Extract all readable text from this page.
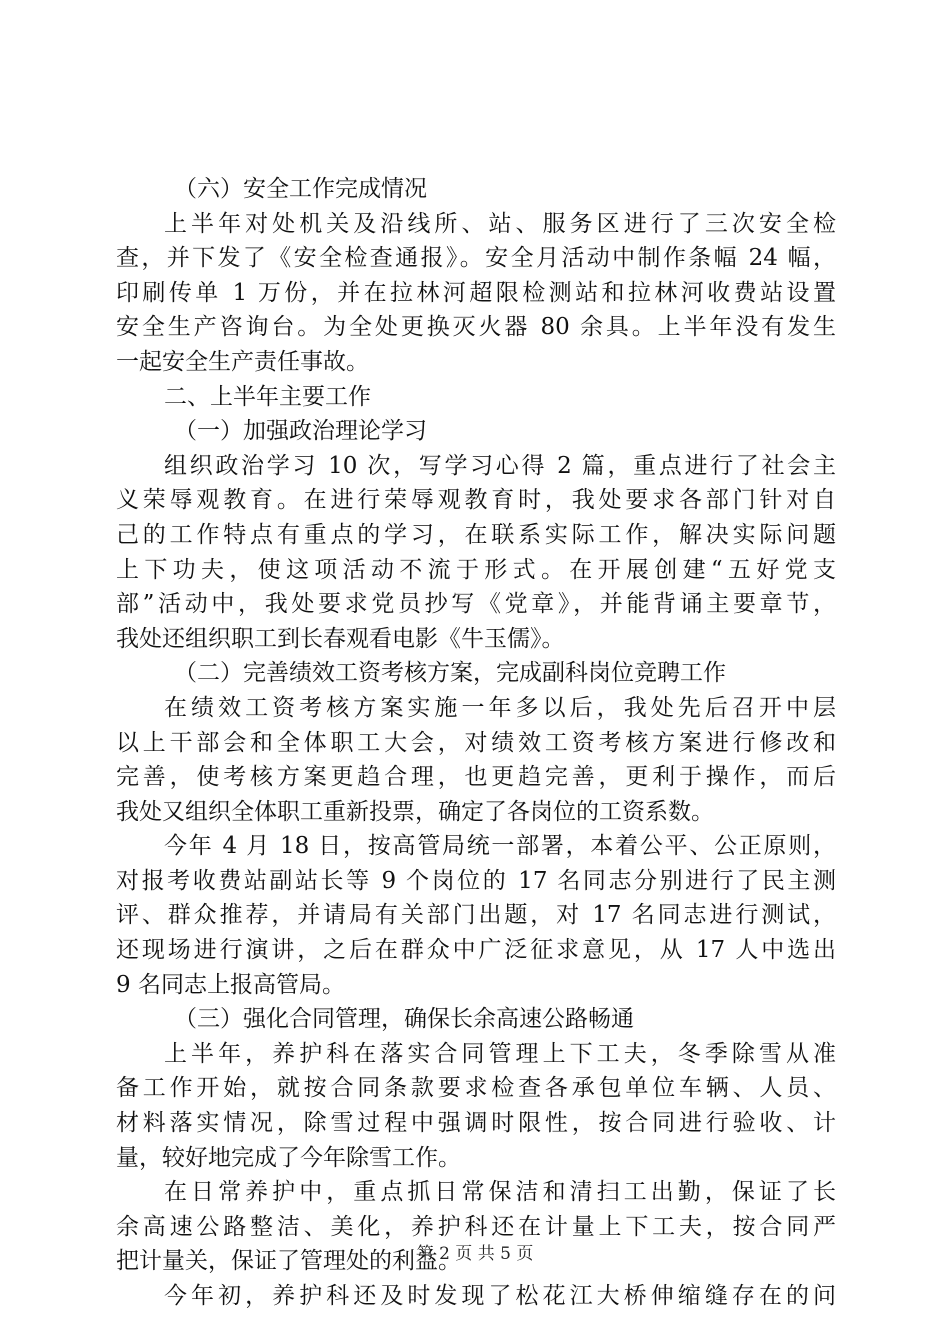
（六）安全工作完成情况
上半年对处机关及沿线所、站、服务区进行了三次安全检
查，并下发了《安全检查通报》。安全月活动中制作条幅 24 幅，
印刷传单 1 万份，并在拉林河超限检测站和拉林河收费站设置
安全生产咨询台。为全处更换灭火器 80 余具。上半年没有发生
一起安全生产责任事故。
二、上半年主要工作
（一）加强政治理论学习
组织政治学习 10 次，写学习心得 2 篇，重点进行了社会主
义荣辱观教育。在进行荣辱观教育时，我处要求各部门针对自
己的工作特点有重点的学习，在联系实际工作，解决实际问题
上下功夫，使这项活动不流于形式。在开展创建“五好党支
部”活动中，我处要求党员抄写《党章》，并能背诵主要章节，
我处还组织职工到长春观看电影《牛玉儒》。
（二）完善绩效工资考核方案，完成副科岗位竞聘工作
在绩效工资考核方案实施一年多以后，我处先后召开中层
以上干部会和全体职工大会，对绩效工资考核方案进行修改和
完善，使考核方案更趋合理，也更趋完善，更利于操作，而后
我处又组织全体职工重新投票，确定了各岗位的工资系数。
今年 4 月 18 日，按高管局统一部署，本着公平、公正原则，
对报考收费站副站长等 9 个岗位的 17 名同志分别进行了民主测
评、群众推荐，并请局有关部门出题，对 17 名同志进行测试，
还现场进行演讲，之后在群众中广泛征求意见，从 17 人中选出
9 名同志上报高管局。
（三）强化合同管理，确保长余高速公路畅通
上半年，养护科在落实合同管理上下工夫，冬季除雪从准
备工作开始，就按合同条款要求检查各承包单位车辆、人员、
材料落实情况，除雪过程中强调时限性，按合同进行验收、计
量，较好地完成了今年除雪工作。
在日常养护中，重点抓日常保洁和清扫工出勤，保证了长
余高速公路整洁、美化，养护科还在计量上下工夫，按合同严
把计量关，保证了管理处的利益。
今年初，养护科还及时发现了松花江大桥伸缩缝存在的问
第 2 页 共 5 页
